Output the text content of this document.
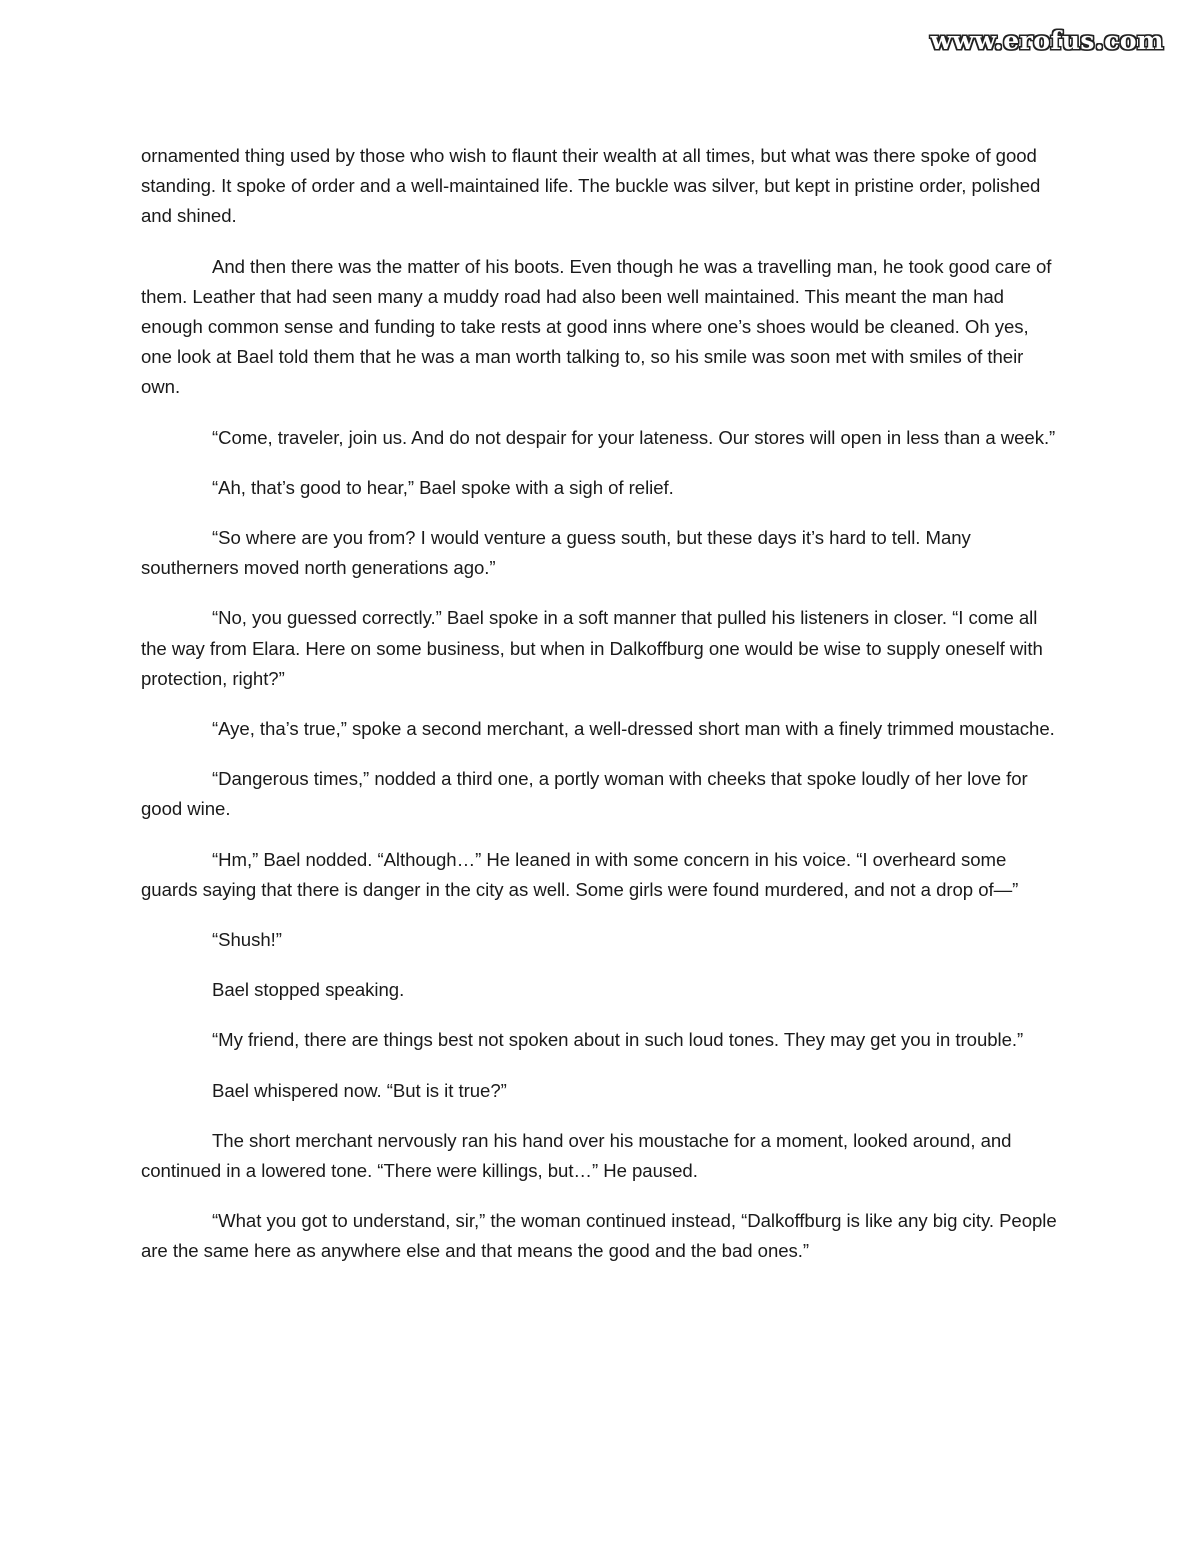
www.erofus.com

ornamented thing used by those who wish to flaunt their wealth at all times, but what was there spoke of good standing. It spoke of order and a well-maintained life. The buckle was silver, but kept in pristine order, polished and shined.

And then there was the matter of his boots. Even though he was a travelling man, he took good care of them. Leather that had seen many a muddy road had also been well maintained. This meant the man had enough common sense and funding to take rests at good inns where one’s shoes would be cleaned. Oh yes, one look at Bael told them that he was a man worth talking to, so his smile was soon met with smiles of their own.

“Come, traveler, join us. And do not despair for your lateness. Our stores will open in less than a week.”

“Ah, that’s good to hear,” Bael spoke with a sigh of relief.

“So where are you from? I would venture a guess south, but these days it’s hard to tell. Many southerners moved north generations ago.”

“No, you guessed correctly.” Bael spoke in a soft manner that pulled his listeners in closer. “I come all the way from Elara. Here on some business, but when in Dalkoffburg one would be wise to supply oneself with protection, right?”

“Aye, tha’s true,” spoke a second merchant, a well-dressed short man with a finely trimmed moustache.

“Dangerous times,” nodded a third one, a portly woman with cheeks that spoke loudly of her love for good wine.

“Hm,” Bael nodded. “Although…” He leaned in with some concern in his voice. “I overheard some guards saying that there is danger in the city as well. Some girls were found murdered, and not a drop of—”

“Shush!”

Bael stopped speaking.

“My friend, there are things best not spoken about in such loud tones. They may get you in trouble.”

Bael whispered now. “But is it true?”

The short merchant nervously ran his hand over his moustache for a moment, looked around, and continued in a lowered tone. “There were killings, but…” He paused.

“What you got to understand, sir,” the woman continued instead, “Dalkoffburg is like any big city. People are the same here as anywhere else and that means the good and the bad ones.”
